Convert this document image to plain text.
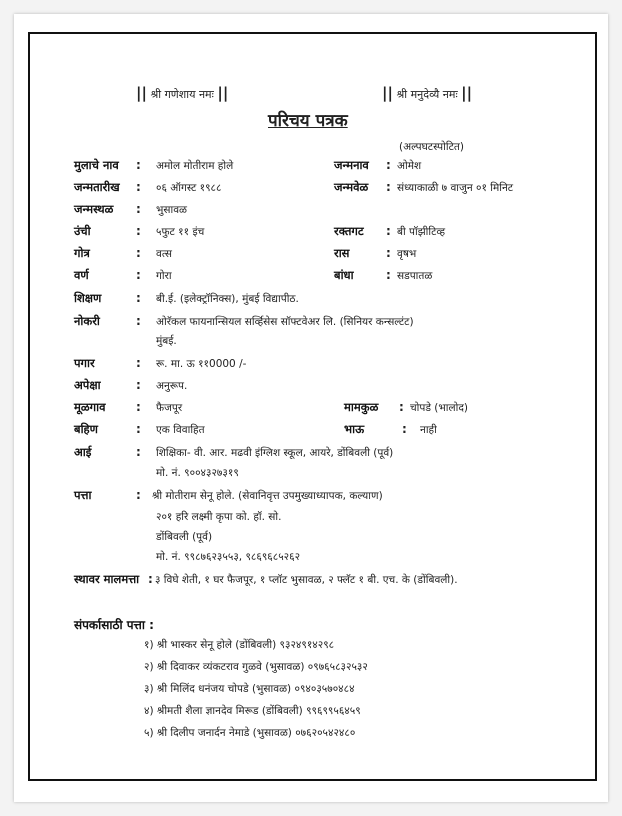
|| श्री गणेशाय नमः ||	|| श्री मनुदेव्यै नमः ||
परिचय पत्रक
(अल्पघटस्पोटित)
मुलाचे नाव : अमोल मोतीराम होले	जन्मनाव : ओमेश
जन्मतारीख : ०६ ऑगस्ट १९८८	जन्मवेळ : संध्याकाळी ७ वाजुन ०१ मिनिट
जन्मस्थळ : भुसावळ
उंची	: ५फुट ११ इंच	रक्तगट : बी पॉझीटिव्ह
गोत्र	: वत्स	रास	: वृषभ
वर्ण	: गोरा	बांधा	: सडपातळ
शिक्षण	: बी.ई. (इलेक्ट्रॉनिक्स), मुंबई विद्यापीठ.
नोकरी	: ओरॅकल फायनान्सियल सर्व्हिसेस सॉफ्टवेअर लि. (सिनियर कन्सल्टंट)
मुंबई.
पगार	: रू. मा. ऊ ११0000 /-
अपेक्षा	: अनुरूप.
मूळगाव	: फैजपूर	मामकुळ : चोपडे (भालोद)
बहिण	: एक विवाहित	भाऊ	: नाही
आई	: शिक्षिका- वी. आर. मढवी इंग्लिश स्कूल, आयरे, डोंबिवली (पूर्व)
मो. नं. ९००४३२७३१९
पत्ता	: श्री मोतीराम सेनू होले. (सेवानिवृत्त उपमुख्याध्यापक, कल्याण)
२०१ हरि लक्ष्मी कृपा को. हॉ. सो.
डोंबिवली (पूर्व)
मो. नं. ९९८७६२३५५३, ९८६९६८५२६२
स्थावर मालमत्ता : ३ विघे शेती, १ घर फैजपूर, १ प्लॉट भुसावळ, २ फ्लॅट १ बी. एच. के (डोंबिवली).
संपर्कासाठी पत्ता :
१) श्री भास्कर सेनू होले (डोंबिवली) ९३२४९१४२९८
२) श्री दिवाकर व्यंकटराव गुळवे (भुसावळ) ०९७६५८३२५३२
३) श्री मिलिंद धनंजय चोपडे (भुसावळ) ०९४०३५७०४८४
४) श्रीमती शैला ज्ञानदेव मिरूड (डोंबिवली) ९९६९९५६४५९
५) श्री दिलीप जनार्दन नेमाडे (भुसावळ) ०७६२०५४२४८०
